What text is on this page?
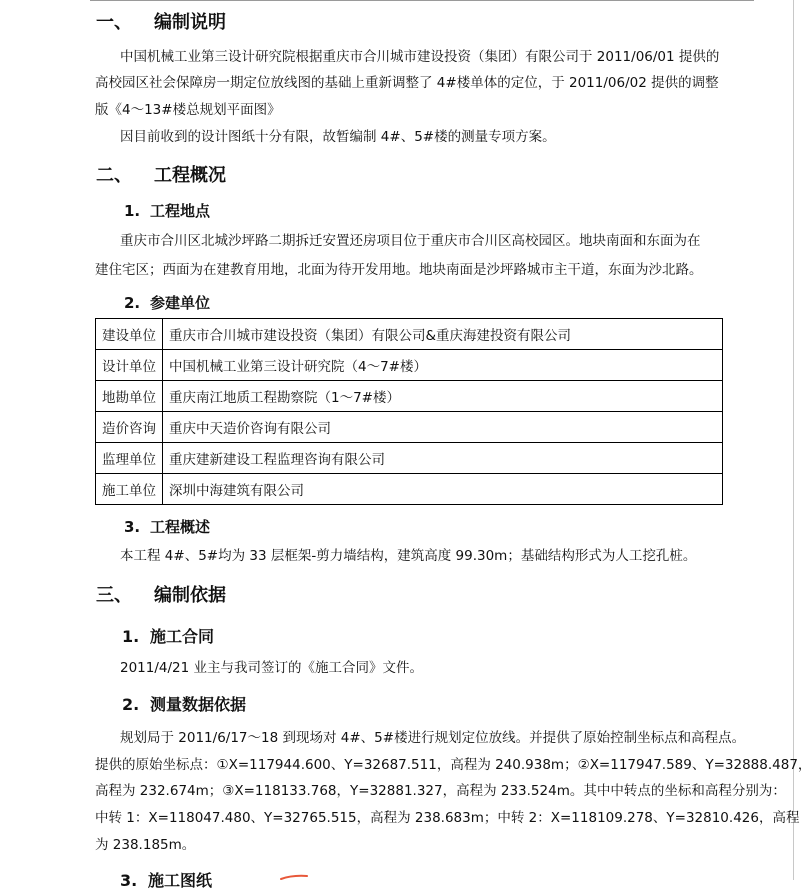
一、 编制说明
中国机械工业第三设计研究院根据重庆市合川城市建设投资（集团）有限公司于 2011/06/01 提供的
高校园区社会保障房一期定位放线图的基础上重新调整了 4#楼单体的定位，于 2011/06/02 提供的调整
版《4～13#楼总规划平面图》
因目前收到的设计图纸十分有限，故暂编制 4#、5#楼的测量专项方案。
二、 工程概况
1. 工程地点
重庆市合川区北城沙坪路二期拆迁安置还房项目位于重庆市合川区高校园区。地块南面和东面为在
建住宅区；西面为在建教育用地，北面为待开发用地。地块南面是沙坪路城市主干道，东面为沙北路。
2. 参建单位
建设单位	重庆市合川城市建设投资（集团）有限公司&重庆海建投资有限公司
设计单位	中国机械工业第三设计研究院（4～7#楼）
地勘单位	重庆南江地质工程勘察院（1～7#楼）
造价咨询	重庆中天造价咨询有限公司
监理单位	重庆建新建设工程监理咨询有限公司
施工单位	深圳中海建筑有限公司
3. 工程概述
本工程 4#、5#均为 33 层框架-剪力墙结构，建筑高度 99.30m；基础结构形式为人工挖孔桩。
三、 编制依据
1. 施工合同
2011/4/21 业主与我司签订的《施工合同》文件。
2. 测量数据依据
规划局于 2011/6/17～18 到现场对 4#、5#楼进行规划定位放线。并提供了原始控制坐标点和高程点。
提供的原始坐标点：①X=117944.600、Y=32687.511，高程为 240.938m；②X=117947.589、Y=32888.487，
高程为 232.674m；③X=118133.768，Y=32881.327，高程为 233.524m。其中中转点的坐标和高程分别为：
中转 1：X=118047.480、Y=32765.515，高程为 238.683m；中转 2：X=118109.278、Y=32810.426，高程
为 238.185m。
3. 施工图纸
